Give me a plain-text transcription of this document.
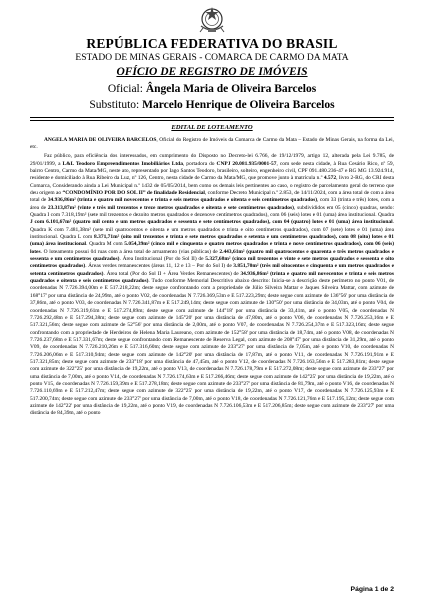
REPÚBLICA FEDERATIVA DO BRASIL
ESTADO DE MINAS GERAIS - COMARCA DE CARMO DA MATA
OFÍCIO DE REGISTRO DE IMÓVEIS
Oficial: Ângela Maria de Oliveira Barcelos
Substituto: Marcelo Henrique de Oliveira Barcelos
EDITAL DE LOTEAMENTO

ÂNGELA MARIA DE OLIVEIRA BARCELOS, Oficial do Registro de Imóveis da Comarca de Carmo da Mata – Estado de Minas Gerais, na forma da Lei, etc.

Faz público, para eficiência dos interessados, em cumprimento do Disposto no Decreto-lei 6.766, de 19/12/1979, artigo 12, alterada pela Lei 9.785, de 29/01/1999, a L&L Teodoro Empreendimentos Imobiliários Ltda, portadora do CNPJ 20.081.935/0001-57, com sede nesta cidade, à Rua Cesário Rico, nº 59, bairro Centro, Carmo da Mata/MG, neste ato, representado por Iago Santos Teodoro, brasileiro, solteiro, engenheiro civil, CPF 091.480.236-47 e RG MG 13.924.914, residente e domiciliado à Rua Ribeiro da Luz, nº 126, Centro, nesta cidade de Carmo da Mata/MG, que promove junto à matrícula n.º 4.572, livro 2-RG, do CRI desta Comarca, Considerando ainda a Lei Municipal n.º 1432 de 05/05/2014, bem como os demais leis pertinentes ao caso, o registro de parcelamento geral do terreno que deu origem ao “CONDOMÍNIO POR DO SOL II” de finalidade Residencial, conforme Decreto Municipal n.º 2.853, de 14/11/2024, com a área total de com a área total de 34.936,86m² (trinta e quatro mil novecentos e trinta e seis metros quadrados e oitenta e seis centímetros quadrados), com 33 (trinta e três) lotes, com a área de 23.313,87m² (vinte e três mil trezentos e treze metros quadrados e oitenta e sete centímetros quadrados), subdivididos em 05 (cinco) quadras, sendo: Quadra I com 7.318,19m² (sete mil trezentos e dezoito metros quadrados e dezenove centímetros quadrados), com 06 (seis) lotes e 01 (uma) área institucional. Quadra J com 6.101,67m² (quatro mil cento e um metros quadrados e sessenta e sete centímetros quadrados), com 04 (quatro) lotes e 01 (uma) área institucional. Quadra K com 7.481,38m² (sete mil quatrocentos e oitenta e um metros quadrados e trinta e oito centímetros quadrados), com 07 (sete) lotes e 01 (uma) área institucional. Quadra L com 8.371,71m² (oito mil trezentos e trinta e sete metros quadrados e setenta e um centímetros quadrados), com 08 (oito) lotes e 01 (uma) área institucional. Quadra M com 5.054,39m² (cinco mil e cinquenta e quatro metros quadrados e trinta e nove centímetros quadrados), com 06 (seis) lotes. O loteamento possui 04 ruas com a área total de arruamento (vias públicas) de 2.443,61m² (quatro mil quatrocentos e quarenta e três metros quadrados e sessenta e um centímetros quadrados). Área Institucional (Por do Sol II) de 5.327,68m² (cinco mil trezentos e vinte e sete metros quadrados e sessenta e oito centímetros quadrados). Áreas verdes remanescentes (áreas 11, 12 e 13 – Por do Sol I) de 3.851,70m² (três mil oitocentos e cinquenta e um metros quadrados e setenta centímetros quadrados). Área total (Por do Sol II + Área Verdes Remanescentes) de 34.936,86m² (trinta e quatro mil novecentos e trinta e seis metros quadrados e oitenta e seis centímetros quadrados). Tudo conforme Memorial Descritivo abaixo descrito: Inicia-se a descrição deste perímetro no ponto V01, de coordenadas N 7.726.394,00m e E 517.218,22m; deste segue confrontando com a propriedade de Júlio Silveira Mattar e Jaques Silveira Mattar, com azimute de 168°17' por uma distância de 24,99m, até o ponto V02, de coordenadas N 7.726.369,53m e E 517.223,29m; deste segue com azimute de 136°56' por uma distância de 37,86m, até o ponto V03, de coordenadas N 7.726.341,87m e E 517.249,14m; deste segue com azimute de 130°50' por uma distância de 34,03m, até o ponto V04, de coordenadas N 7.726.319,61m e E 517.274,89m; deste segue com azimute de 144°18' por uma distância de 33,41m, até o ponto V05, de coordenadas N 7.726.292,48m e E 517.294,38m; deste segue com azimute de 145°20' por uma distância de 47,80m, até o ponto V06, de coordenadas N 7.726.253,16m e E 517.321,56m; deste segue com azimute de 52°56' por uma distância de 2,00m, até o ponto V07, de coordenadas N 7.726.254,37m e E 517.323,16m; deste segue confrontando com a propriedade de Herdeiros de Helena Maria Laureano, com azimute de 152°58' por uma distância de 18,74m, até o ponto V08, de coordenadas N 7.726.237,68m e E 517.331,67m; deste segue confrontando com Remanescente de Reserva Legal, com azimute de 208°47' por uma distância de 31,29m, até o ponto V09, de coordenadas N 7.726.210,26m e E 517.316,60m; deste segue com azimute de 233°27' por uma distância de 7,05m, até o ponto V10, de coordenadas N 7.726.206,06m e E 517.310,94m; deste segue com azimute de 142°20' por uma distância de 17,87m, até o ponto V11, de coordenadas N 7.726.191,91m e E 517.321,85m; deste segue com azimute de 233°18' por uma distância de 47,45m, até o ponto V12, de coordenadas N 7.726.163,56m e E 517.283,81m; deste segue com azimute de 322°25' por uma distância de 19,22m, até o ponto V13, de coordenadas N 7.726.178,79m e E 517.272,08m; deste segue com azimute de 233°27' por uma distância de 7,00m, até o ponto V14, de coordenadas N 7.726.174,63m e E 517.266,46m; deste segue com azimute de 142°25' por uma distância de 19,22m, até o ponto V15, de coordenadas N 7.726.159,39m e E 517.278,18m; deste segue com azimute de 233°27' por uma distância de 81,79m, até o ponto V16, de coordenadas N 7.726.110,69m e E 517.212,47m; deste segue com azimute de 322°25' por uma distância de 19,22m, até o ponto V17, de coordenadas N 7.726.125,93m e E 517.200,74m; deste segue com azimute de 233°27' por uma distância de 7,00m, até o ponto V18, de coordenadas N 7.726.121,76m e E 517.195,12m; deste segue com azimute de 142°22' por uma distância de 19,22m, até o ponto V19, de coordenadas N 7.726.106,53m e E 517.206,85m; deste segue com azimute de 233°27' por uma distância de 84,39m, até o ponto

Página 1 de 2
